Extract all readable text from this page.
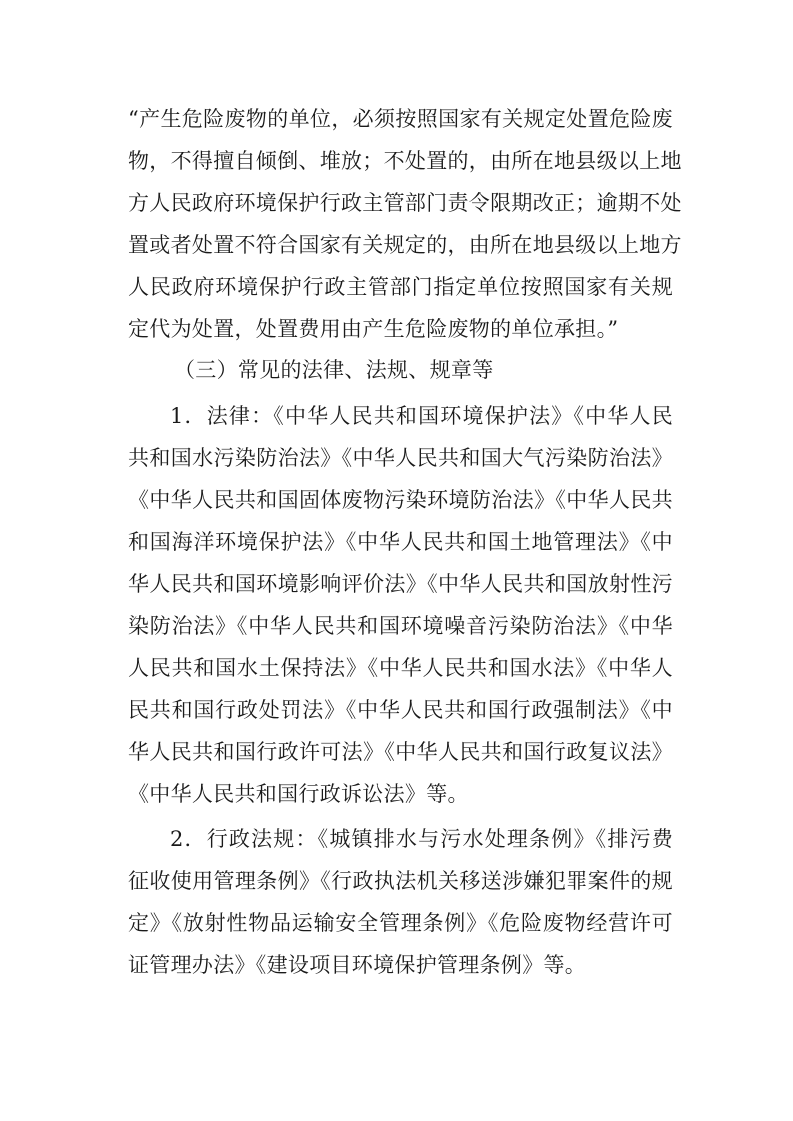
“产生危险废物的单位，必须按照国家有关规定处置危险废
物，不得擅自倾倒、堆放；不处置的，由所在地县级以上地
方人民政府环境保护行政主管部门责令限期改正；逾期不处
置或者处置不符合国家有关规定的，由所在地县级以上地方
人民政府环境保护行政主管部门指定单位按照国家有关规
定代为处置，处置费用由产生危险废物的单位承担。”
（三）常见的法律、法规、规章等
1．法律：《中华人民共和国环境保护法》《中华人民
共和国水污染防治法》《中华人民共和国大气污染防治法》
《中华人民共和国固体废物污染环境防治法》《中华人民共
和国海洋环境保护法》《中华人民共和国土地管理法》《中
华人民共和国环境影响评价法》《中华人民共和国放射性污
染防治法》《中华人民共和国环境噪音污染防治法》《中华
人民共和国水土保持法》《中华人民共和国水法》《中华人
民共和国行政处罚法》《中华人民共和国行政强制法》《中
华人民共和国行政许可法》《中华人民共和国行政复议法》
《中华人民共和国行政诉讼法》等。
2．行政法规：《城镇排水与污水处理条例》《排污费
征收使用管理条例》《行政执法机关移送涉嫌犯罪案件的规
定》《放射性物品运输安全管理条例》《危险废物经营许可
证管理办法》《建设项目环境保护管理条例》等。
